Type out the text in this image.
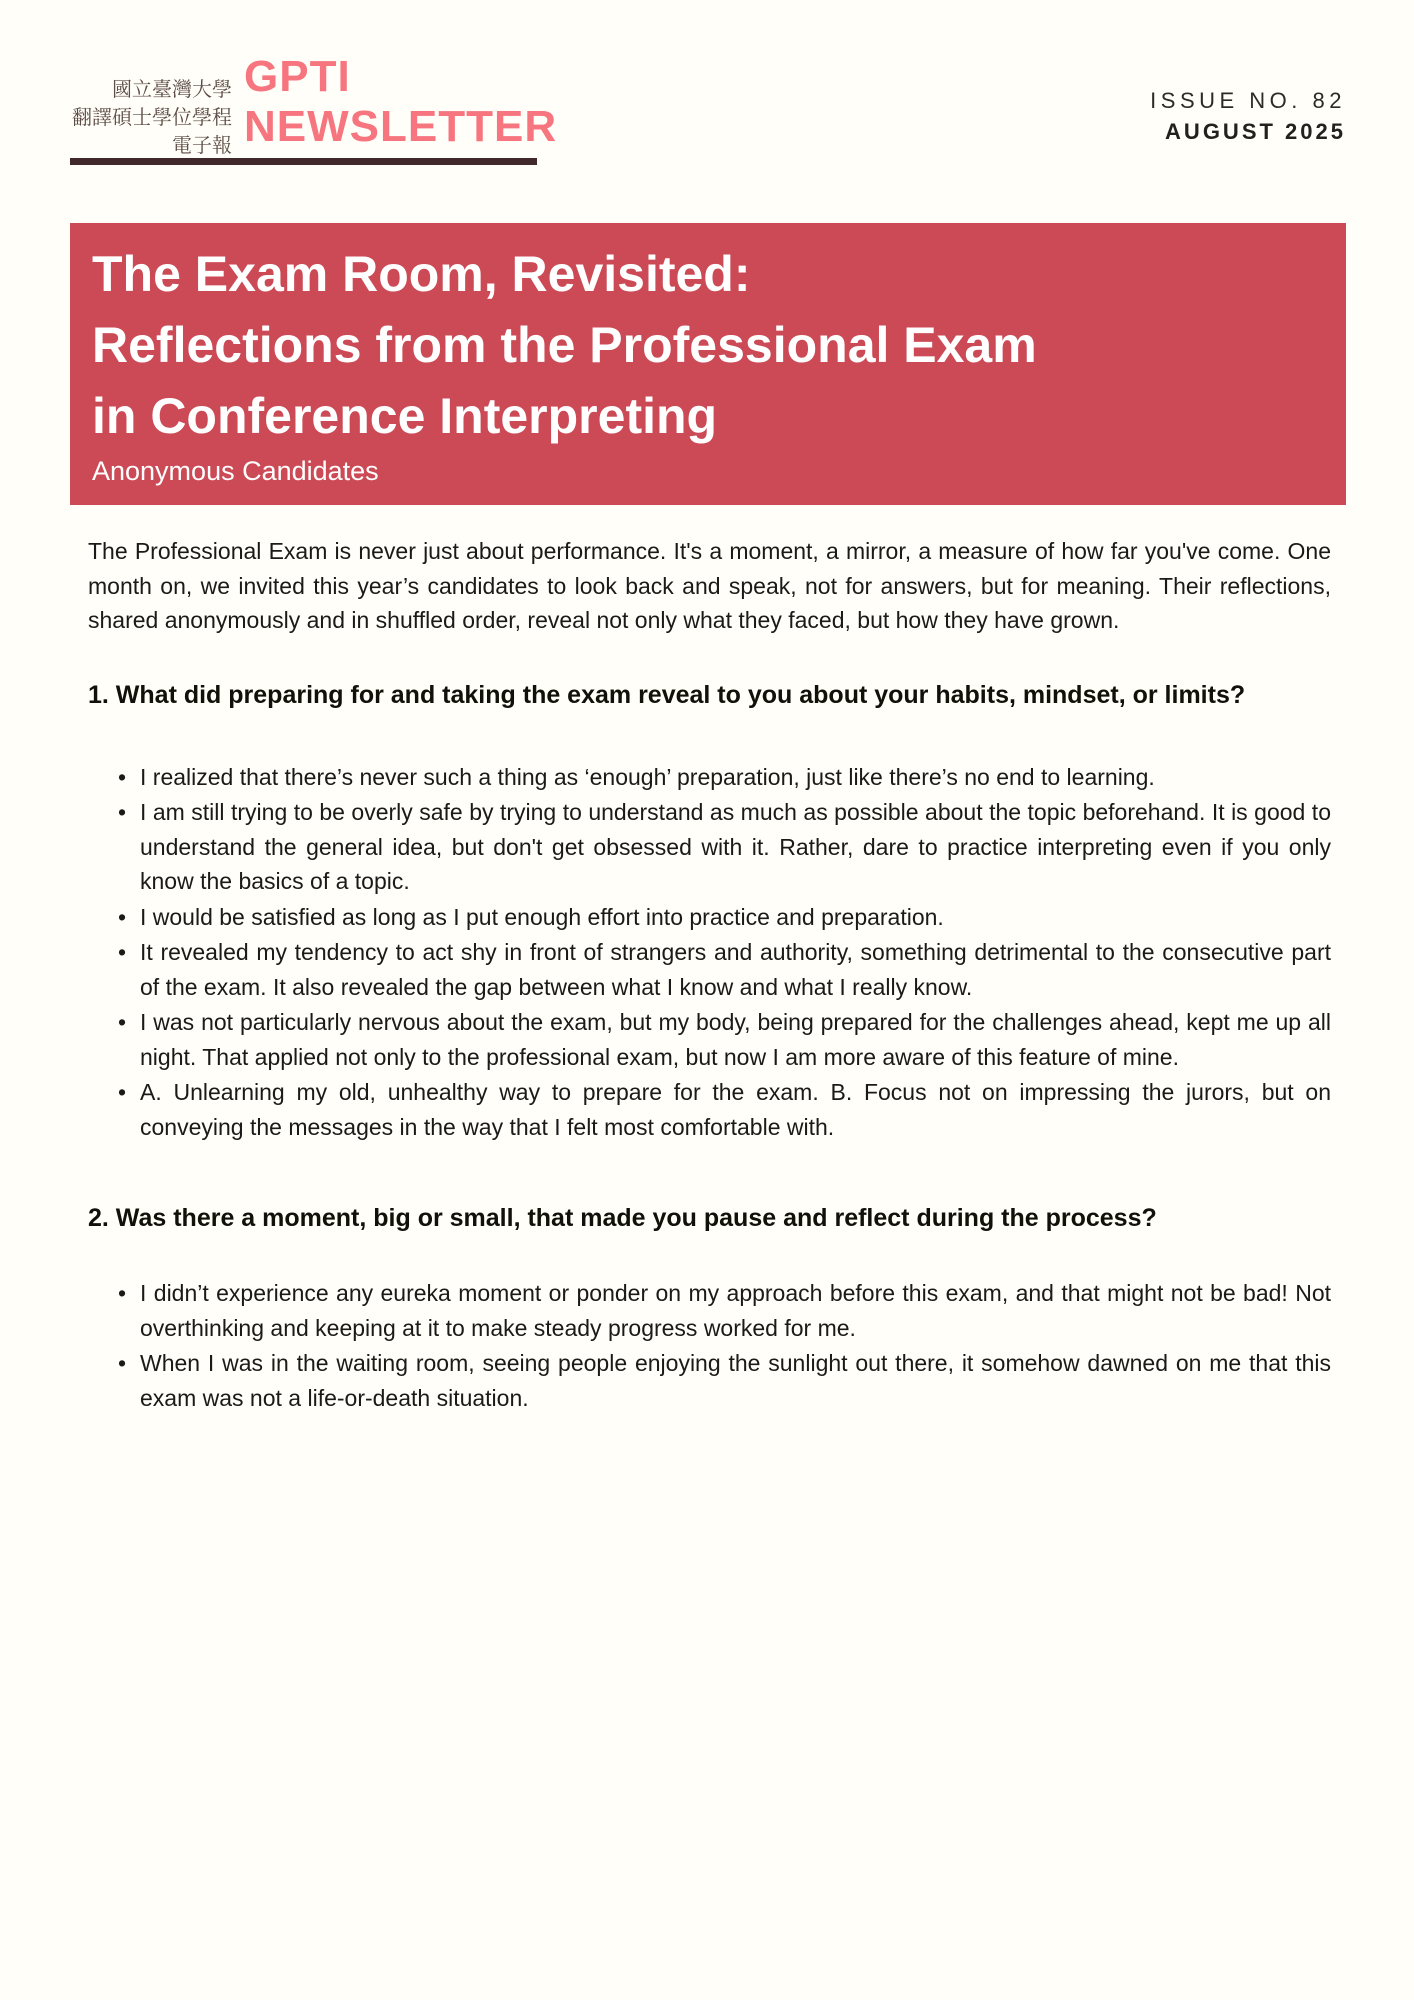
國立臺灣大學
翻譯碩士學位學程
電子報
GPTI
NEWSLETTER
ISSUE NO. 82
AUGUST 2025
The Exam Room, Revisited:
Reflections from the Professional Exam
in Conference Interpreting
Anonymous Candidates

The Professional Exam is never just about performance. It's a moment, a mirror, a measure of how far you've come. One month on, we invited this year’s candidates to look back and speak, not for answers, but for meaning. Their reflections, shared anonymously and in shuffled order, reveal not only what they faced, but how they have grown.

1. What did preparing for and taking the exam reveal to you about your habits, mindset, or limits?
• I realized that there’s never such a thing as ‘enough’ preparation, just like there’s no end to learning.
• I am still trying to be overly safe by trying to understand as much as possible about the topic beforehand. It is good to understand the general idea, but don't get obsessed with it. Rather, dare to practice interpreting even if you only know the basics of a topic.
• I would be satisfied as long as I put enough effort into practice and preparation.
• It revealed my tendency to act shy in front of strangers and authority, something detrimental to the consecutive part of the exam. It also revealed the gap between what I know and what I really know.
• I was not particularly nervous about the exam, but my body, being prepared for the challenges ahead, kept me up all night. That applied not only to the professional exam, but now I am more aware of this feature of mine.
• A. Unlearning my old, unhealthy way to prepare for the exam. B. Focus not on impressing the jurors, but on conveying the messages in the way that I felt most comfortable with.
2. Was there a moment, big or small, that made you pause and reflect during the process?
• I didn’t experience any eureka moment or ponder on my approach before this exam, and that might not be bad! Not overthinking and keeping at it to make steady progress worked for me.
• When I was in the waiting room, seeing people enjoying the sunlight out there, it somehow dawned on me that this exam was not a life-or-death situation.
